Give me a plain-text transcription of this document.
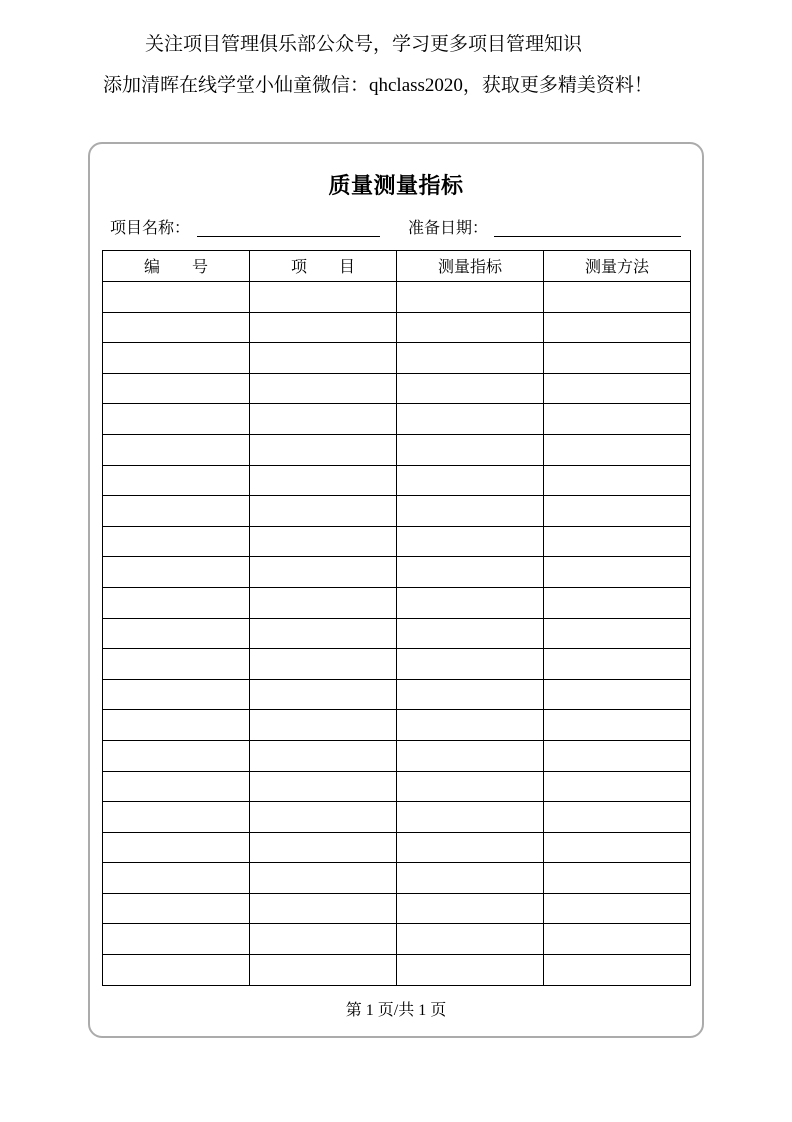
关注项目管理俱乐部公众号，学习更多项目管理知识
添加清晖在线学堂小仙童微信：qhclass2020，获取更多精美资料！
质量测量指标
项目名称：	准备日期：
编　　号	项　　目	测量指标	测量方法
第 1 页/共 1 页
